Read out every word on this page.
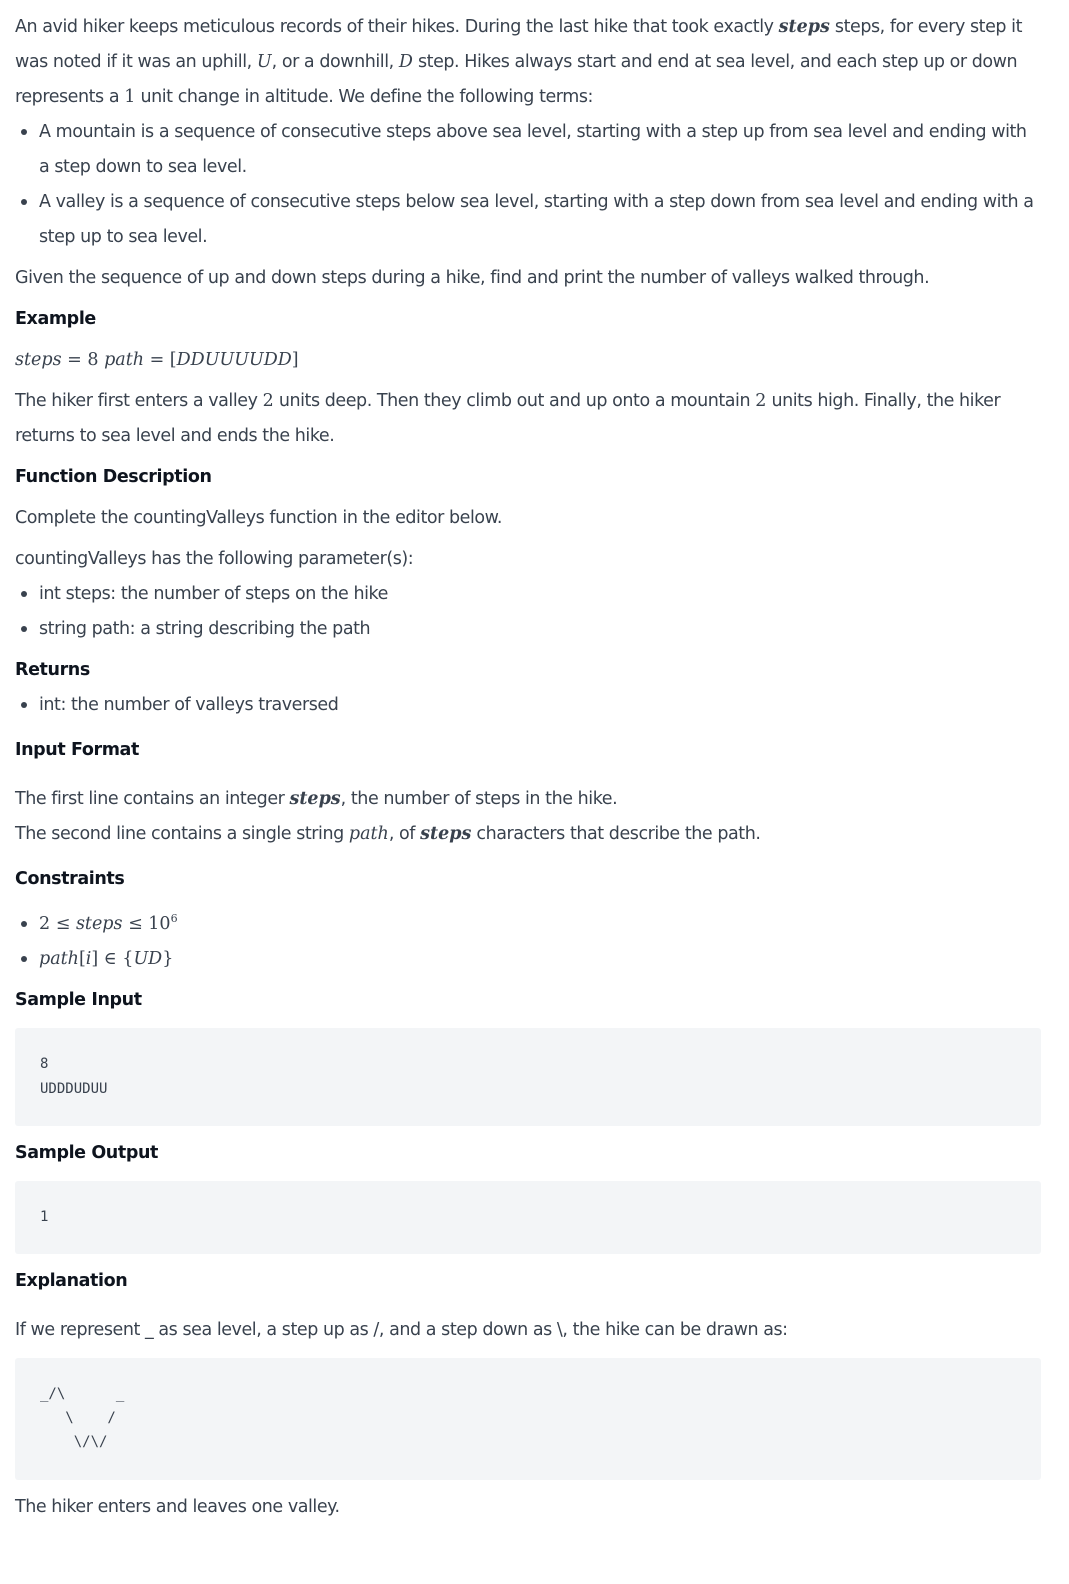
An avid hiker keeps meticulous records of their hikes. During the last hike that took exactly steps steps, for every step it was noted if it was an uphill, U, or a downhill, D step. Hikes always start and end at sea level, and each step up or down represents a 1 unit change in altitude. We define the following terms:

A mountain is a sequence of consecutive steps above sea level, starting with a step up from sea level and ending with a step down to sea level.
A valley is a sequence of consecutive steps below sea level, starting with a step down from sea level and ending with a step up to sea level.

Given the sequence of up and down steps during a hike, find and print the number of valleys walked through.

Example

steps = 8 path = [DDUUUUDD]

The hiker first enters a valley 2 units deep. Then they climb out and up onto a mountain 2 units high. Finally, the hiker returns to sea level and ends the hike.

Function Description

Complete the countingValleys function in the editor below.

countingValleys has the following parameter(s):

int steps: the number of steps on the hike
string path: a string describing the path
Returns
int: the number of valleys traversed
Input Format

The first line contains an integer steps, the number of steps in the hike.

The second line contains a single string path, of steps characters that describe the path.

Constraints
2 ≤ steps ≤ $10^6$
path[i] ∈ {UD}
Sample Input
8
UDDDUDUU
Sample Output
1
Explanation

If we represent _ as sea level, a step up as /, and a step down as \, the hike can be drawn as:

_/\      _
\    /
\/\/

The hiker enters and leaves one valley.
